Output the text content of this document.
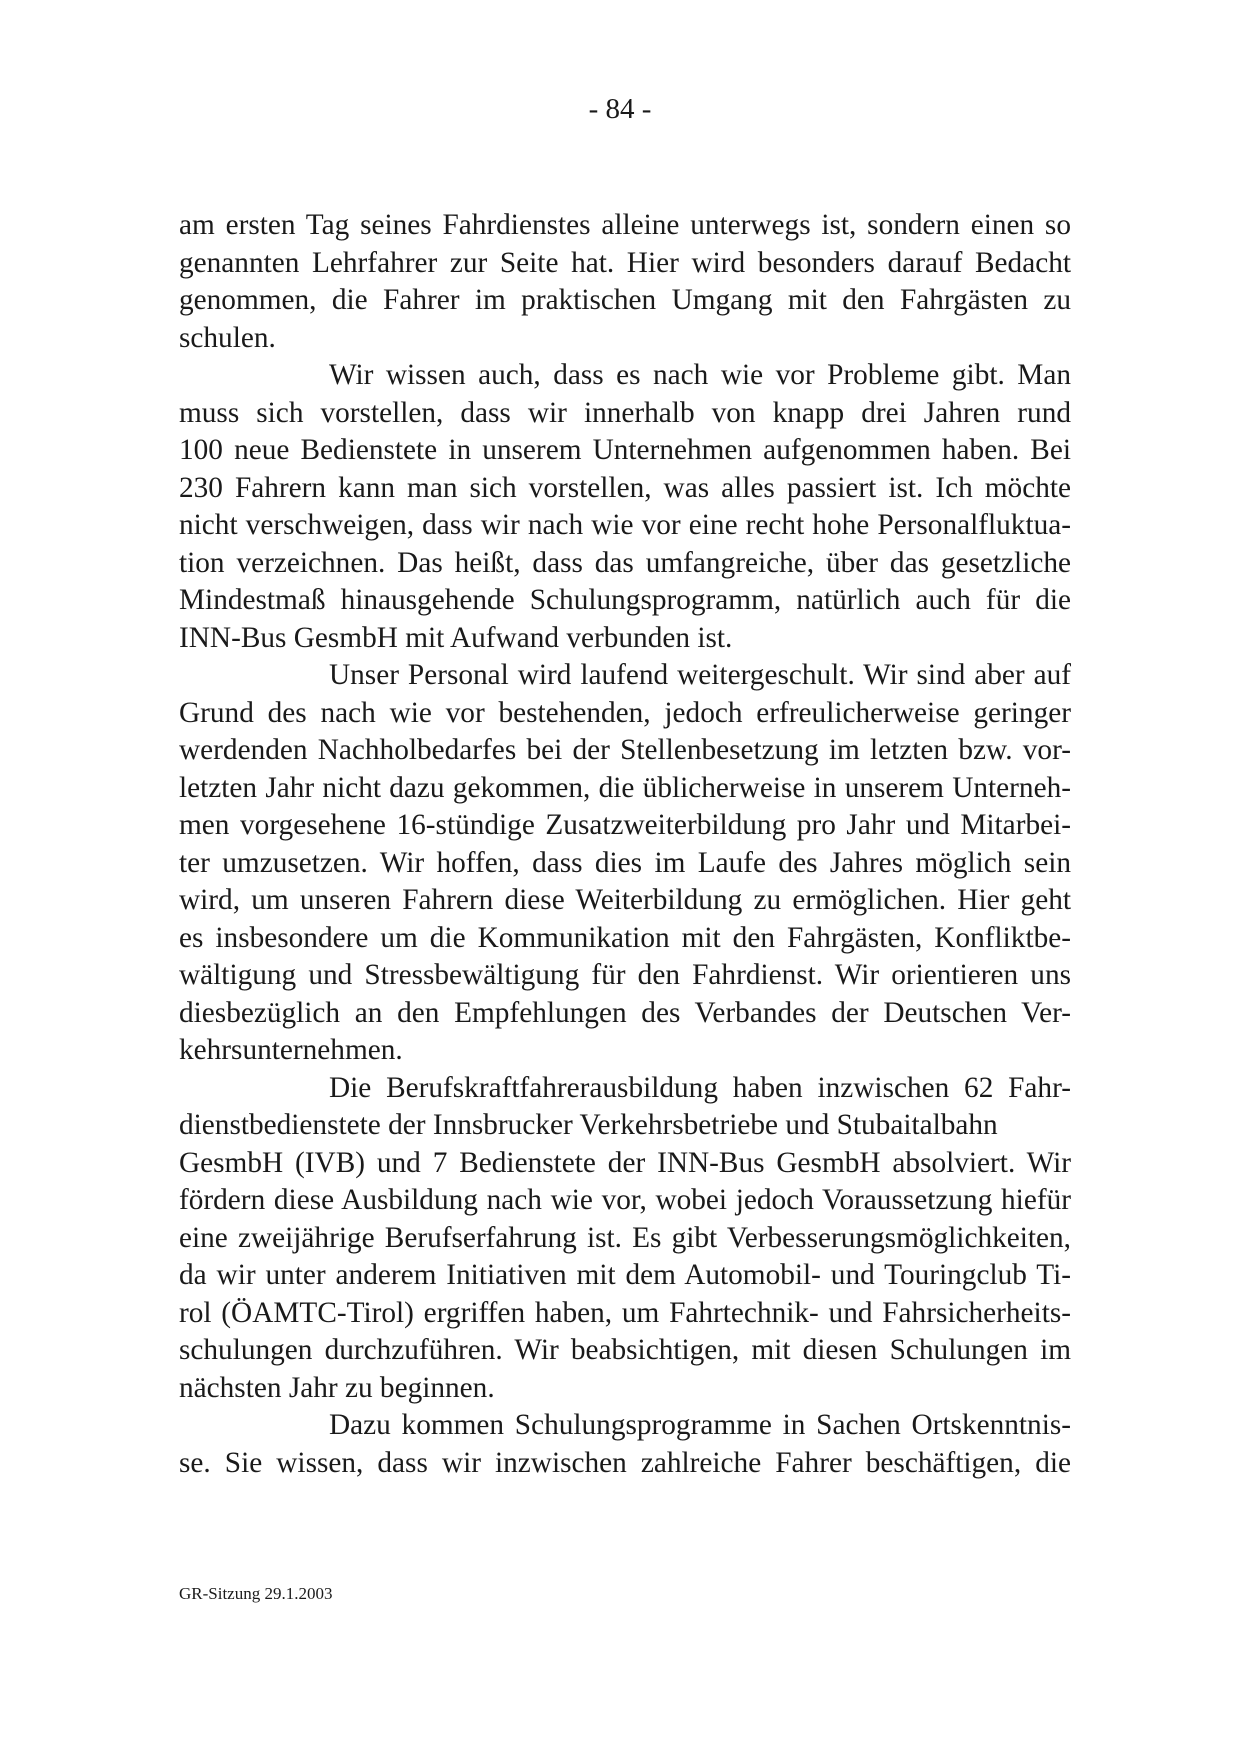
- 84 -
am ersten Tag seines Fahrdienstes alleine unterwegs ist, sondern einen so
genannten Lehrfahrer zur Seite hat. Hier wird besonders darauf Bedacht
genommen, die Fahrer im praktischen Umgang mit den Fahrgästen zu
schulen.
Wir wissen auch, dass es nach wie vor Probleme gibt. Man
muss sich vorstellen, dass wir innerhalb von knapp drei Jahren rund
100 neue Bedienstete in unserem Unternehmen aufgenommen haben. Bei
230 Fahrern kann man sich vorstellen, was alles passiert ist. Ich möchte
nicht verschweigen, dass wir nach wie vor eine recht hohe Personalfluktua-
tion verzeichnen. Das heißt, dass das umfangreiche, über das gesetzliche
Mindestmaß hinausgehende Schulungsprogramm, natürlich auch für die
INN-Bus GesmbH mit Aufwand verbunden ist.
Unser Personal wird laufend weitergeschult. Wir sind aber auf
Grund des nach wie vor bestehenden, jedoch erfreulicherweise geringer
werdenden Nachholbedarfes bei der Stellenbesetzung im letzten bzw. vor-
letzten Jahr nicht dazu gekommen, die üblicherweise in unserem Unterneh-
men vorgesehene 16-stündige Zusatzweiterbildung pro Jahr und Mitarbei-
ter umzusetzen. Wir hoffen, dass dies im Laufe des Jahres möglich sein
wird, um unseren Fahrern diese Weiterbildung zu ermöglichen. Hier geht
es insbesondere um die Kommunikation mit den Fahrgästen, Konfliktbe-
wältigung und Stressbewältigung für den Fahrdienst. Wir orientieren uns
diesbezüglich an den Empfehlungen des Verbandes der Deutschen Ver-
kehrsunternehmen.
Die Berufskraftfahrerausbildung haben inzwischen 62 Fahr-
dienstbedienstete der Innsbrucker Verkehrsbetriebe und Stubaitalbahn
GesmbH (IVB) und 7 Bedienstete der INN-Bus GesmbH absolviert. Wir
fördern diese Ausbildung nach wie vor, wobei jedoch Voraussetzung hiefür
eine zweijährige Berufserfahrung ist. Es gibt Verbesserungsmöglichkeiten,
da wir unter anderem Initiativen mit dem Automobil- und Touringclub Ti-
rol (ÖAMTC-Tirol) ergriffen haben, um Fahrtechnik- und Fahrsicherheits-
schulungen durchzuführen. Wir beabsichtigen, mit diesen Schulungen im
nächsten Jahr zu beginnen.
Dazu kommen Schulungsprogramme in Sachen Ortskenntnis-
se. Sie wissen, dass wir inzwischen zahlreiche Fahrer beschäftigen, die
GR-Sitzung 29.1.2003
